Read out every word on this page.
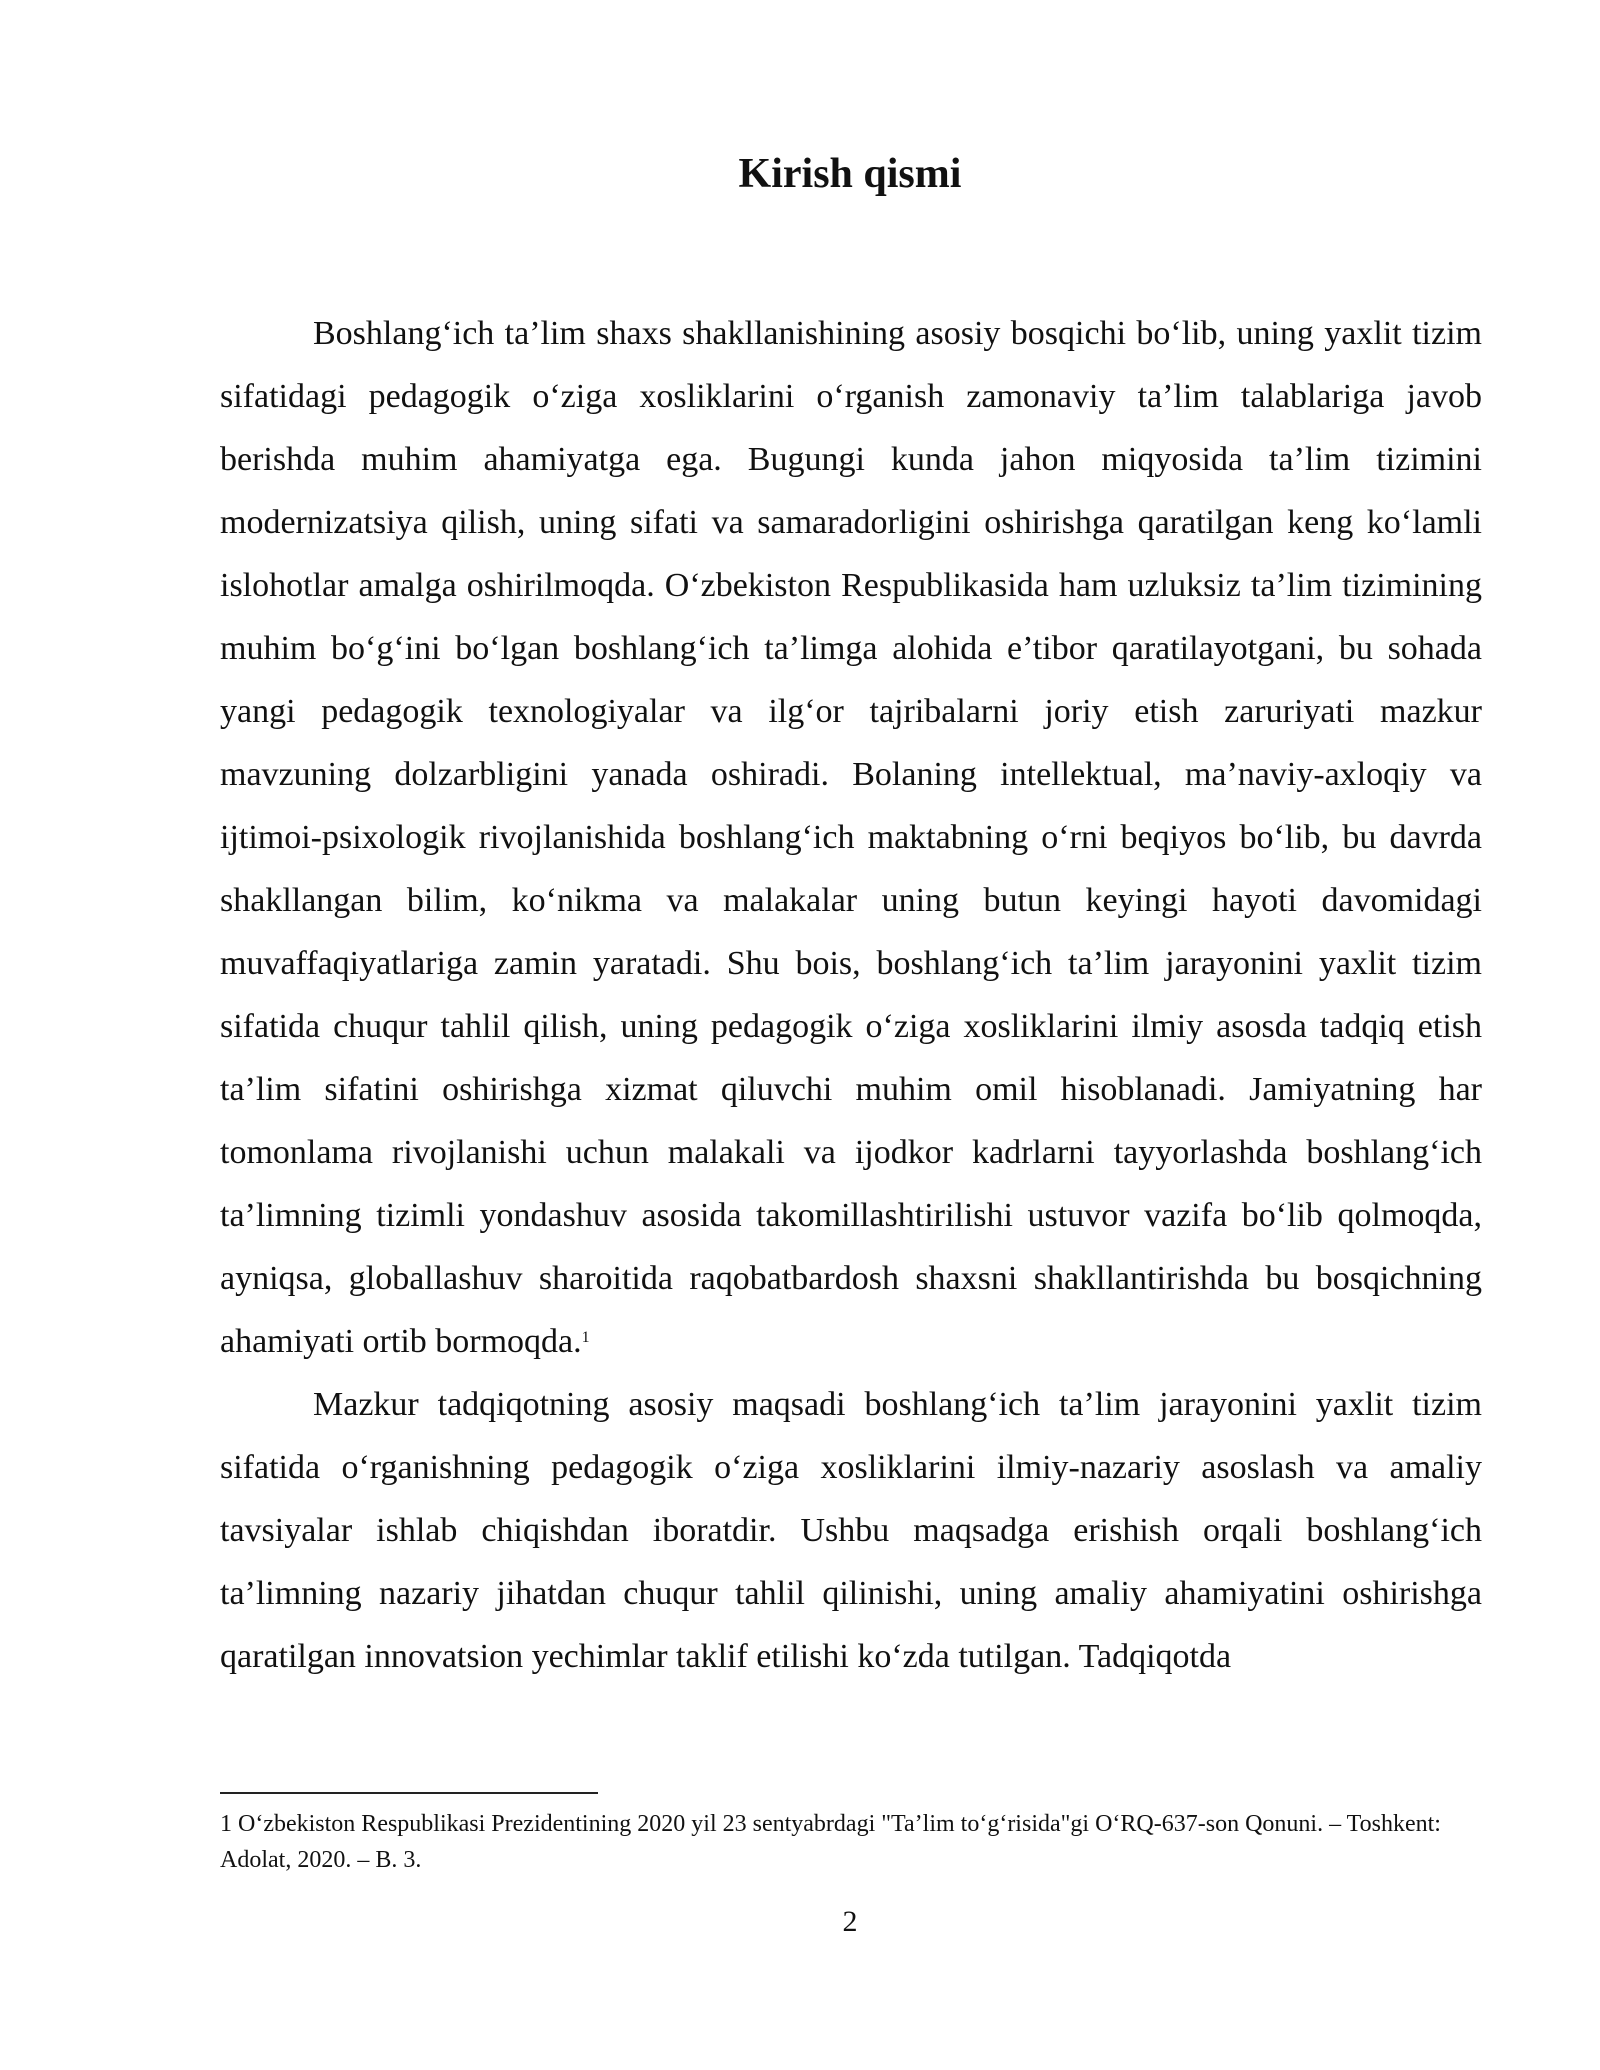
Kirish qismi

Boshlang‘ich ta’lim shaxs shakllanishining asosiy bosqichi bo‘lib, uning yaxlit tizim sifatidagi pedagogik o‘ziga xosliklarini o‘rganish zamonaviy ta’lim talablariga javob berishda muhim ahamiyatga ega. Bugungi kunda jahon miqyosida ta’lim tizimini modernizatsiya qilish, uning sifati va samaradorligini oshirishga qaratilgan keng ko‘lamli islohotlar amalga oshirilmoqda. O‘zbekiston Respublikasida ham uzluksiz ta’lim tizimining muhim bo‘g‘ini bo‘lgan boshlang‘ich ta’limga alohida e’tibor qaratilayotgani, bu sohada yangi pedagogik texnologiyalar va ilg‘or tajribalarni joriy etish zaruriyati mazkur mavzuning dolzarbligini yanada oshiradi. Bolaning intellektual, ma’naviy-axloqiy va ijtimoi-psixologik rivojlanishida boshlang‘ich maktabning o‘rni beqiyos bo‘lib, bu davrda shakllangan bilim, ko‘nikma va malakalar uning butun keyingi hayoti davomidagi muvaffaqiyatlariga zamin yaratadi. Shu bois, boshlang‘ich ta’lim jarayonini yaxlit tizim sifatida chuqur tahlil qilish, uning pedagogik o‘ziga xosliklarini ilmiy asosda tadqiq etish ta’lim sifatini oshirishga xizmat qiluvchi muhim omil hisoblanadi. Jamiyatning har tomonlama rivojlanishi uchun malakali va ijodkor kadrlarni tayyorlashda boshlang‘ich ta’limning tizimli yondashuv asosida takomillashtirilishi ustuvor vazifa bo‘lib qolmoqda, ayniqsa, globallashuv sharoitida raqobatbardosh shaxsni shakllantirishda bu bosqichning ahamiyati ortib bormoqda.$^1$

Mazkur tadqiqotning asosiy maqsadi boshlang‘ich ta’lim jarayonini yaxlit tizim sifatida o‘rganishning pedagogik o‘ziga xosliklarini ilmiy-nazariy asoslash va amaliy tavsiyalar ishlab chiqishdan iboratdir. Ushbu maqsadga erishish orqali boshlang‘ich ta’limning nazariy jihatdan chuqur tahlil qilinishi, uning amaliy ahamiyatini oshirishga qaratilgan innovatsion yechimlar taklif etilishi ko‘zda tutilgan. Tadqiqotda

1 O‘zbekiston Respublikasi Prezidentining 2020 yil 23 sentyabrdagi "Ta’lim to‘g‘risida"gi O‘RQ-637-son Qonuni. – Toshkent: Adolat, 2020. – B. 3.
2
